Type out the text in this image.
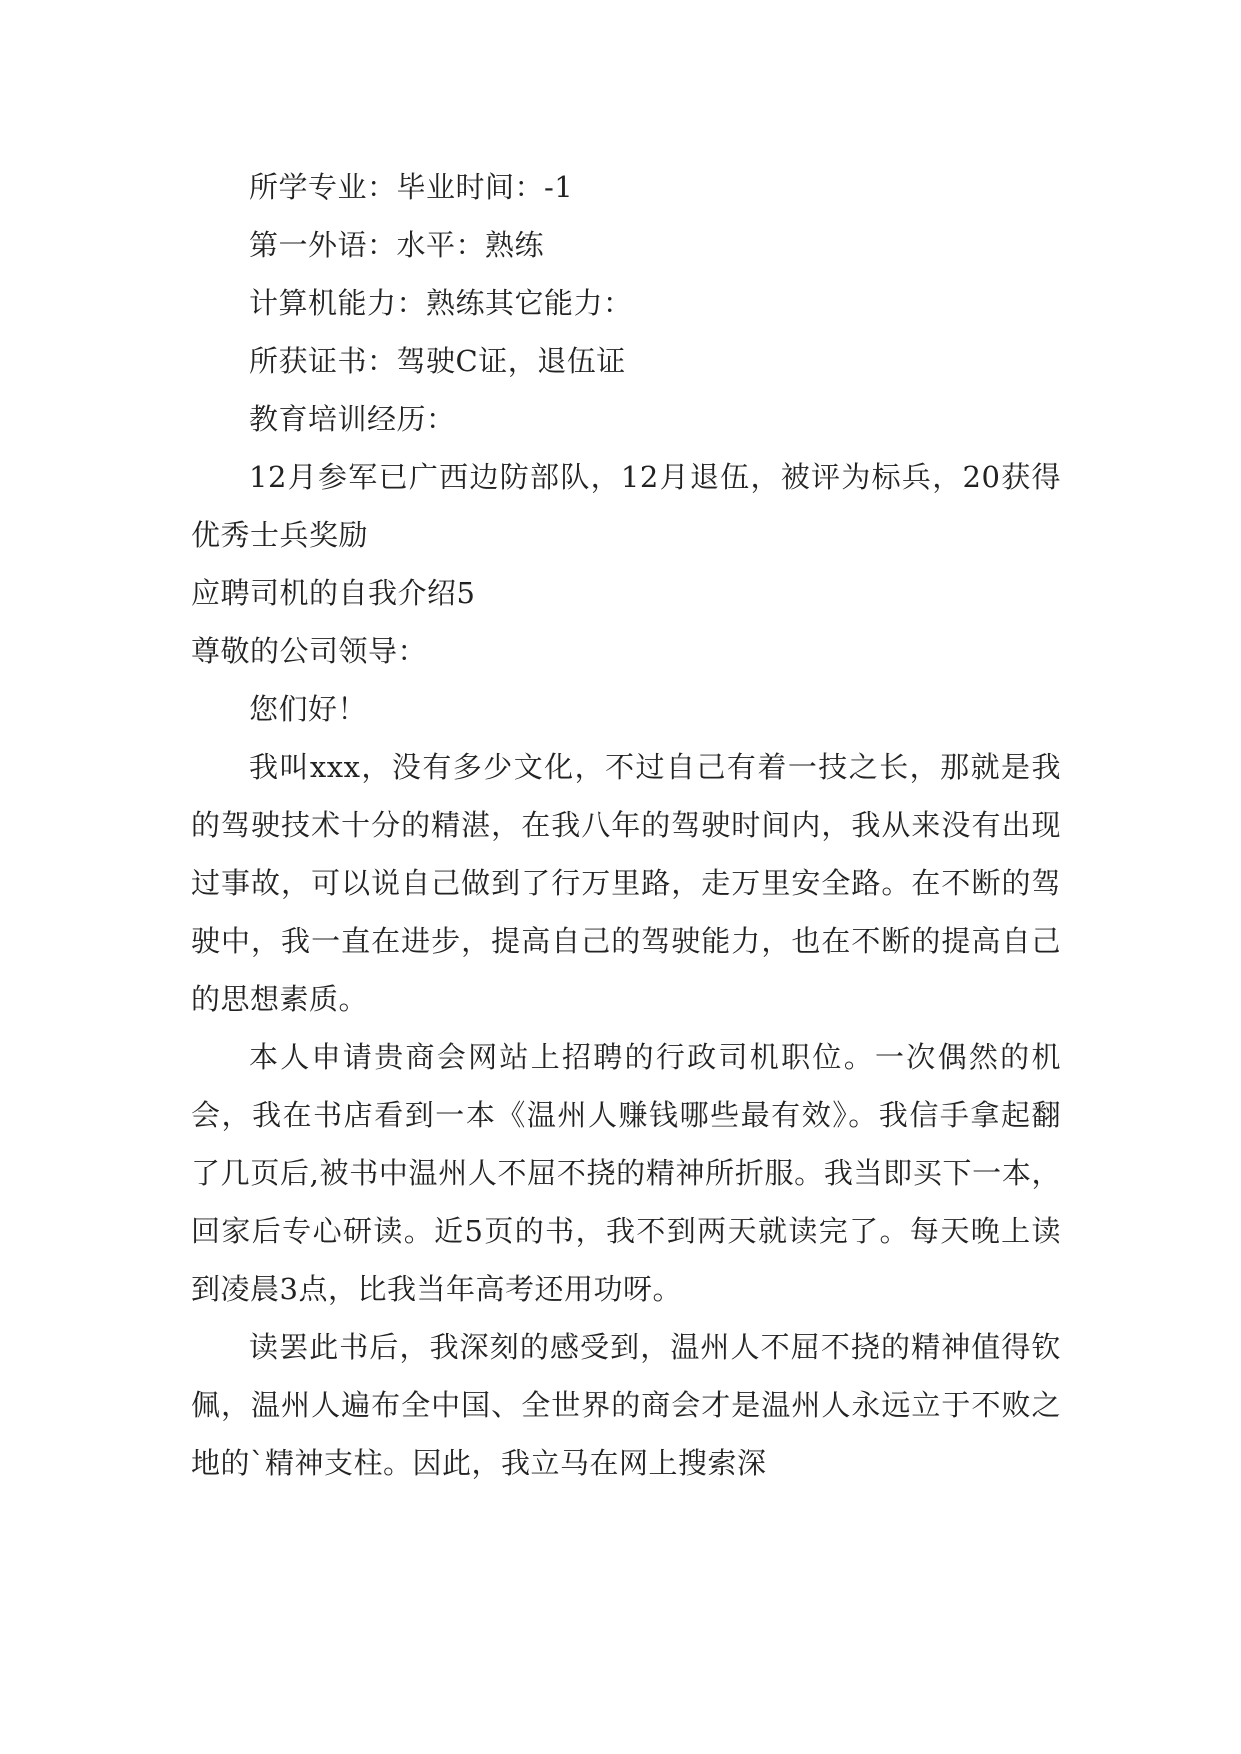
所学专业：毕业时间：-1

第一外语：水平：熟练

计算机能力：熟练其它能力：

所获证书：驾驶C证，退伍证

教育培训经历：

12月参军已广西边防部队，12月退伍，被评为标兵，20获得优秀士兵奖励

应聘司机的自我介绍5

尊敬的公司领导：

您们好！

我叫xxx，没有多少文化，不过自己有着一技之长，那就是我的驾驶技术十分的精湛，在我八年的驾驶时间内，我从来没有出现过事故，可以说自己做到了行万里路，走万里安全路。在不断的驾驶中，我一直在进步，提高自己的驾驶能力，也在不断的提高自己的思想素质。

本人申请贵商会网站上招聘的行政司机职位。一次偶然的机会，我在书店看到一本《温州人赚钱哪些最有效》。我信手拿起翻了几页后,被书中温州人不屈不挠的精神所折服。我当即买下一本，回家后专心研读。近5页的书，我不到两天就读完了。每天晚上读到凌晨3点，比我当年高考还用功呀。

读罢此书后，我深刻的感受到，温州人不屈不挠的精神值得钦佩，温州人遍布全中国、全世界的商会才是温州人永远立于不败之地的`精神支柱。因此，我立马在网上搜索深
